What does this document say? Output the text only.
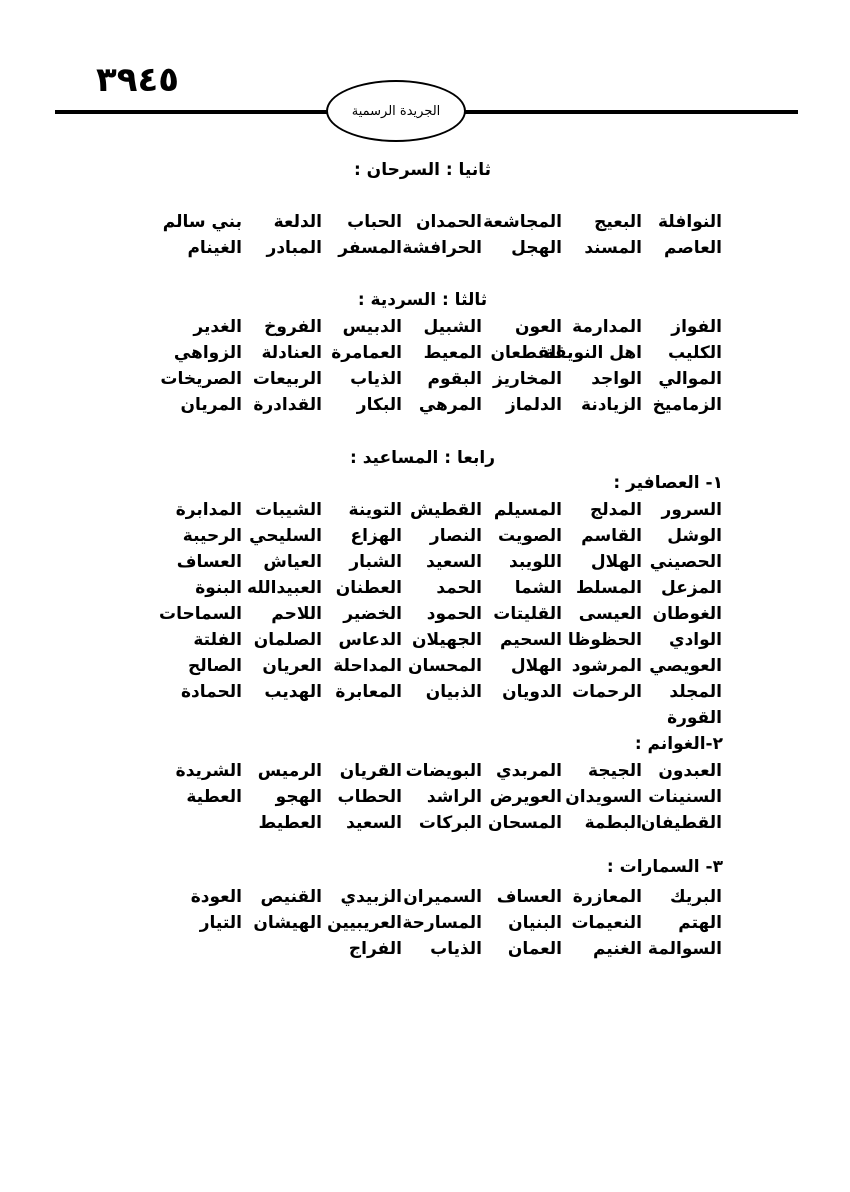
٣٩٤٥
الجريدة الرسمية
ثانيا : السرحان :
النوافلة
البعيج
المجاشعة
الحمدان
الحباب
الدلعة
بني سالم
العاصم
المسند
الهجل
الحرافشة
المسفر
المبادر
الغينام
ثالثا : السردية :
الفواز
المدارمة
العون
الشبيل
الدبيس
الفروخ
الغدير
الكليب
اهل النويقة
القطعان
المعيط
العمامرة
العنادلة
الزواهي
الموالي
الواجد
المخاريز
البقوم
الذياب
الربيعات
الصريخات
الزماميخ
الزيادنة
الدلماز
المرهي
البكار
القدادرة
المريان
رابعا : المساعيد :
١- العصافير :
السرور
المدلج
المسيلم
القطيش
التوينة
الشيبات
المدابرة
الوشل
القاسم
الصويت
النصار
الهزاع
السليحي
الرحيبة
الحصيني
الهلال
اللويبد
السعيد
الشبار
العياش
العساف
المزعل
المسلط
الشما
الحمد
العطنان
العبيدالله
البنوة
الغوطان
العيسى
القليتات
الحمود
الخضير
اللاحم
السماحات
الوادي
الحظوظا
السحيم
الجهيلان
الدعاس
الصلمان
الفلتة
العويصي
المرشود
الهلال
المحسان
المداحلة
العريان
الصالح
المجلد
الرحمات
الدويان
الذبيان
المعابرة
الهديب
الحمادة
القورة
٢-الغوانم :
العبدون
الجيجة
المربدي
البويضات
القريان
الرميس
الشريدة
السنينات
السويدان
العويرض
الراشد
الحطاب
الهجو
العطية
القطيفان
البطمة
المسحان
البركات
السعيد
العطيط
٣- السمارات :
البريك
المعازرة
العساف
السميران
الزبيدي
القنيص
العودة
الهتم
النعيمات
البنيان
المسارحة
العريبيين
الهيشان
التيار
السوالمة
الغنيم
العمان
الذياب
الفراج
